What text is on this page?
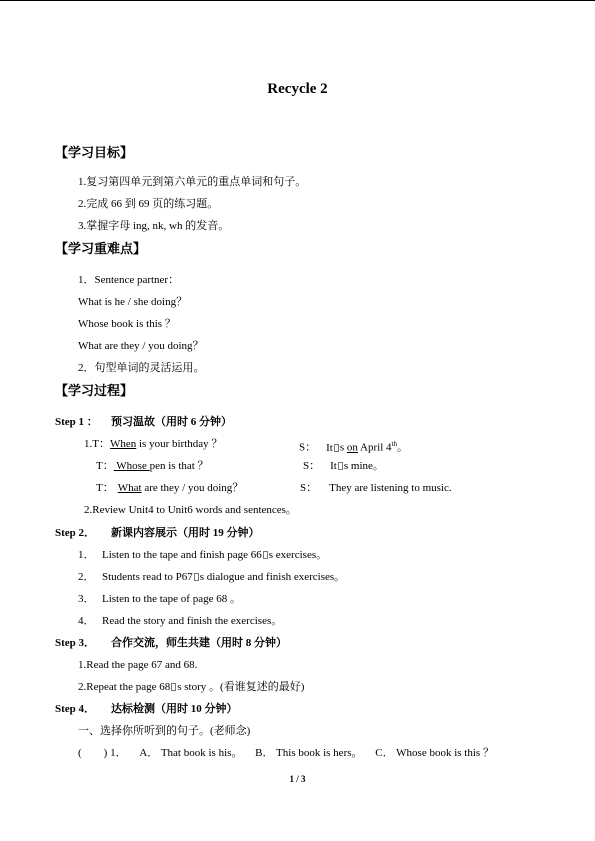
Recycle 2
【学习目标】
1.复习第四单元到第六单元的重点单词和句子。
2.完成 66 到 69 页的练习题。
3.掌握字母 ing, nk, wh 的发音。
【学习重难点】
1．Sentence partner：
What is he / she doing？
Whose book is this ？
What are they / you doing？
2．句型单词的灵活运用。
【学习过程】
Step 1 ： 预习温故（用时 6 分钟）
1.T：When is your birthday ？	S： It s on April 4th。
T： Whose pen is that ？	S： It s mine。
T： What are they / you doing？	S： They are listening to music.
2.Review Unit4 to Unit6 words and sentences。
Step 2． 新课内容展示（用时 19 分钟）
1． Listen to the tape and finish page 66 s exercises。
2． Students read to P67 s dialogue and finish exercises。
3． Listen to the tape of page 68 。
4． Read the story and finish the exercises。
Step 3． 合作交流，师生共建（用时 8 分钟）
1.Read the page 67 and 68.
2.Repeat the page 68 s story 。(看谁复述的最好)
Step 4． 达标检测（用时 10 分钟）
一、选择你所听到的句子。(老师念)
(        ) 1． A． That book is his。 B． This book is hers。 C． Whose book is this ？
1 / 3
